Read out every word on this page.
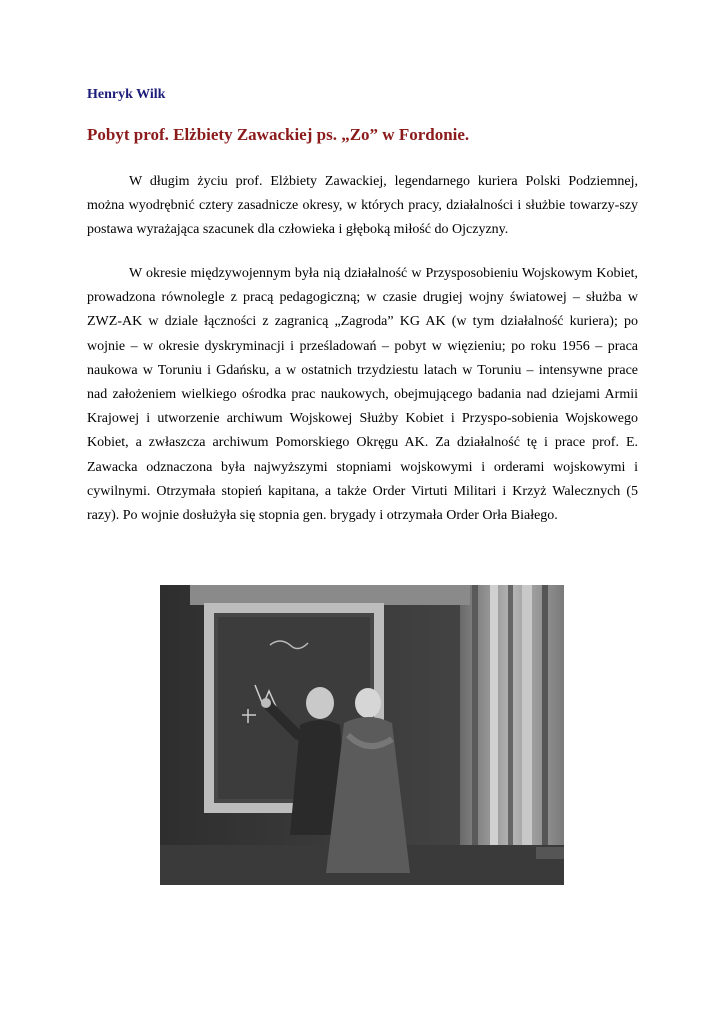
Henryk Wilk

Pobyt prof. Elżbiety Zawackiej ps. „Zo” w Fordonie.

W długim życiu prof. Elżbiety Zawackiej, legendarnego kuriera Polski Podziemnej, można wyodrębnić cztery zasadnicze okresy, w których pracy, działalności i służbie towarzy-szy postawa wyrażająca szacunek dla człowieka i głęboką miłość do Ojczyzny.

W okresie międzywojennym była nią działalność w Przysposobieniu Wojskowym Kobiet, prowadzona równolegle z pracą pedagogiczną; w czasie drugiej wojny światowej – służba w ZWZ-AK w dziale łączności z zagranicą „Zagroda” KG AK (w tym działalność kuriera); po wojnie – w okresie dyskryminacji i prześladowań – pobyt w więzieniu; po roku 1956 – praca naukowa w Toruniu i Gdańsku, a w ostatnich trzydziestu latach w Toruniu – intensywne prace nad założeniem wielkiego ośrodka prac naukowych, obejmującego badania nad dziejami Armii Krajowej i utworzenie archiwum Wojskowej Służby Kobiet i Przyspo-sobienia Wojskowego Kobiet, a zwłaszcza archiwum Pomorskiego Okręgu AK. Za działalność tę i prace prof. E. Zawacka odznaczona była najwyższymi stopniami wojskowymi i orderami wojskowymi i cywilnymi. Otrzymała stopień kapitana, a także Order Virtuti Militari i Krzyż Walecznych (5 razy). Po wojnie dosłużyła się stopnia gen. brygady i otrzymała Order Orła Białego.
